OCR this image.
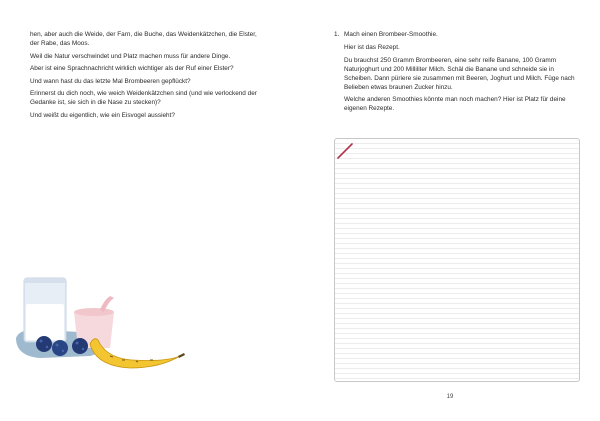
hen, aber auch die Weide, der Farn, die Buche, das Weidenkätzchen, die Elster, der Rabe, das Moos.

Weil die Natur verschwindet und Platz machen muss für andere Dinge.

Aber ist eine Sprachnachricht wirklich wichtiger als der Ruf einer Elster?

Und wann hast du das letzte Mal Brombeeren gepflückt?

Erinnerst du dich noch, wie weich Weidenkätzchen sind (und wie verlockend der Gedanke ist, sie sich in die Nase zu stecken)?

Und weißt du eigentlich, wie ein Eisvogel aussieht?

1. Mach einen Brombeer-Smoothie.

Hier ist das Rezept.

Du brauchst 250 Gramm Brombeeren, eine sehr reife Banane, 100 Gramm Naturjoghurt und 200 Milliliter Milch. Schäl die Banane und schneide sie in Scheiben. Dann püriere sie zusammen mit Beeren, Joghurt und Milch. Füge nach Belieben etwas braunen Zucker hinzu.

Welche anderen Smoothies könnte man noch machen? Hier ist Platz für deine eigenen Rezepte.

19
